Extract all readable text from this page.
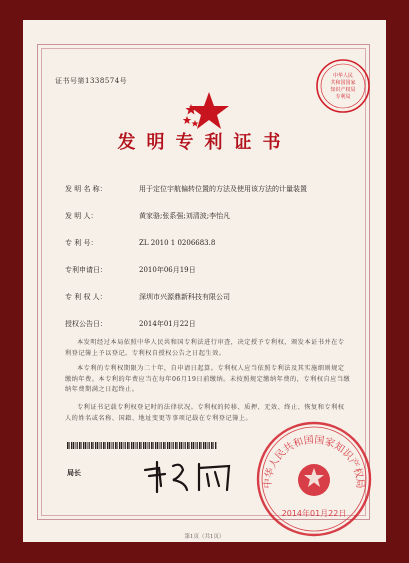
证书号第1338574号
中华人民
共和国国家
知识产权局
专利局
发明专利证书
发 明 名 称：	用于定位宇航偏转位置的方法及使用该方法的计量装置
发 明 人：	黄家骆;张系强;刘清波;李怡凡
专 利 号：	ZL 2010 1 0206683.8
专利申请日：	2010年06月19日
专 利 权 人：	深圳市兴源鼎新科技有限公司
授权公告日：	2014年01月22日
本发明经过本局依照中华人民共和国专利法进行审查，决定授予专利权，颁发本证书并在专利登记簿上予以登记。专利权自授权公告之日起生效。
本专利的专利权期限为二十年，自申请日起算。专利权人应当依照专利法及其实施细则规定缴纳年费。本专利的年费应当在每年06月19日前缴纳。未按照规定缴纳年费的，专利权自应当缴纳年费期满之日起终止。
专利证书记载专利权登记时的法律状况。专利权的转移、质押、无效、终止、恢复和专利权人的姓名或名称、国籍、地址变更等事项记载在专利登记簿上。
局长
中华人民共和国国家知识产权局
2014年01月22日
第1页（共1页）
